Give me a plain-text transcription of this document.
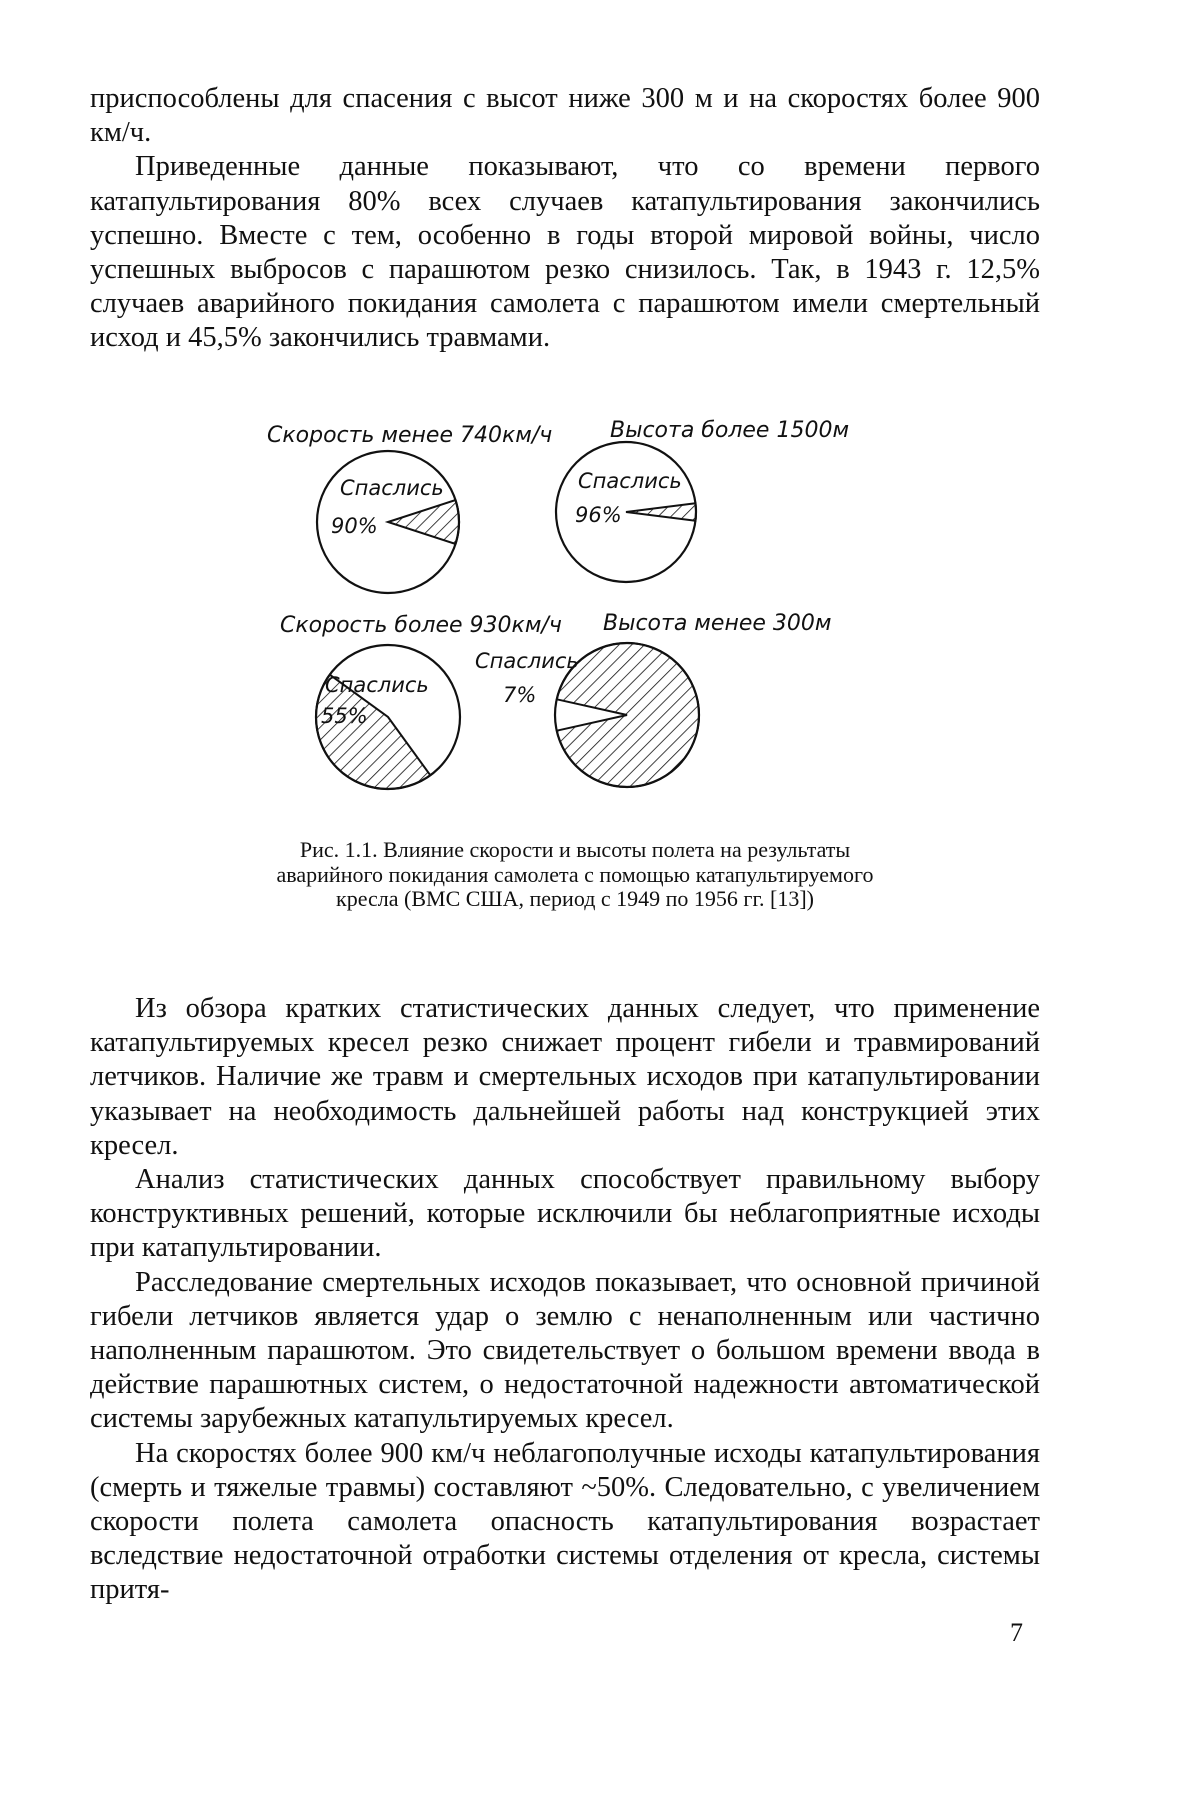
приспособлены для спасения с высот ниже 300 м и на скоростях более 900 км/ч.

Приведенные данные показывают, что со времени первого катапультирования 80% всех случаев катапультирования закончились успешно. Вместе с тем, особенно в годы второй мировой войны, число успешных выбросов с парашютом резко снизилось. Так, в 1943 г. 12,5% случаев аварийного покидания самолета с парашютом имели смертельный исход и 45,5% закончились травмами.

Скорость менее 740км/ч
Спаслись
90%
Высота более 1500м
Спаслись
96%
Скорость более 930км/ч
Спаслись
55%
Высота менее 300м
Спаслись
7%

Рис. 1.1. Влияние скорости и высоты полета на результаты аварийного покидания самолета с помощью катапультируемого кресла (ВМС США, период с 1949 по 1956 гг. [13])

Из обзора кратких статистических данных следует, что применение катапультируемых кресел резко снижает процент гибели и травмирований летчиков. Наличие же травм и смертельных исходов при катапультировании указывает на необходимость дальнейшей работы над конструкцией этих кресел.

Анализ статистических данных способствует правильному выбору конструктивных решений, которые исключили бы неблагоприятные исходы при катапультировании.

Расследование смертельных исходов показывает, что основной причиной гибели летчиков является удар о землю с ненаполненным или частично наполненным парашютом. Это свидетельствует о большом времени ввода в действие парашютных систем, о недостаточной надежности автоматической системы зарубежных катапультируемых кресел.

На скоростях более 900 км/ч неблагополучные исходы катапультирования (смерть и тяжелые травмы) составляют ~50%. Следовательно, с увеличением скорости полета самолета опасность катапультирования возрастает вследствие недостаточной отработки системы отделения от кресла, системы притя-

7
